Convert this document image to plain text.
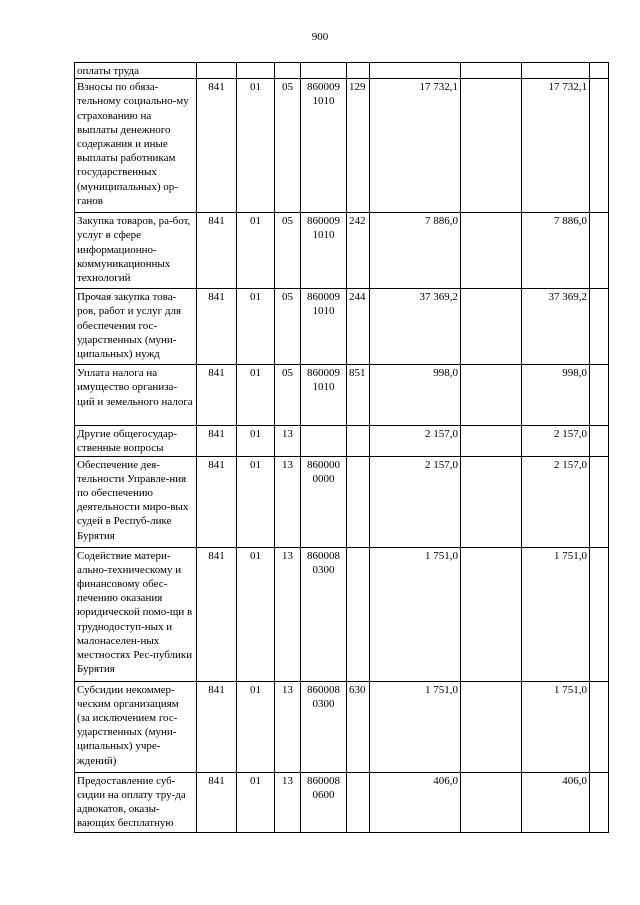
900
оплаты труда									
Взносы по обяза-тельному социально-му страхованию на выплаты денежного содержания и иные выплаты работникам государственных (муниципальных) ор-ганов	841	01	05	860009 1010	129	17 732,1		17 732,1	
Закупка товаров, ра-бот, услуг в сфере информационно-коммуникационных технологий	841	01	05	860009 1010	242	7 886,0		7 886,0	
Прочая закупка това-ров, работ и услуг для обеспечения гос-ударственных (муни-ципальных) нужд	841	01	05	860009 1010	244	37 369,2		37 369,2	
Уплата налога на имущество организа-ций и земельного налога	841	01	05	860009 1010	851	998,0		998,0	
Другие общегосудар-ственные вопросы	841	01	13			2 157,0		2 157,0	
Обеспечение дея-тельности Управле-ния по обеспечению деятельности миро-вых судей в Респуб-лике Бурятия	841	01	13	860000 0000		2 157,0		2 157,0	
Содействие матери-ально-техническому и финансовому обес-печению оказания юридической помо-щи в труднодоступ-ных и малонаселен-ных местностях Рес-публики Бурятия	841	01	13	860008 0300		1 751,0		1 751,0	
Субсидии некоммер-ческим организациям (за исключением гос-ударственных (муни-ципальных) учре-ждений)	841	01	13	860008 0300	630	1 751,0		1 751,0	
Предоставление суб-сидии на оплату тру-да адвокатов, оказы-вающих бесплатную	841	01	13	860008 0600		406,0		406,0	
